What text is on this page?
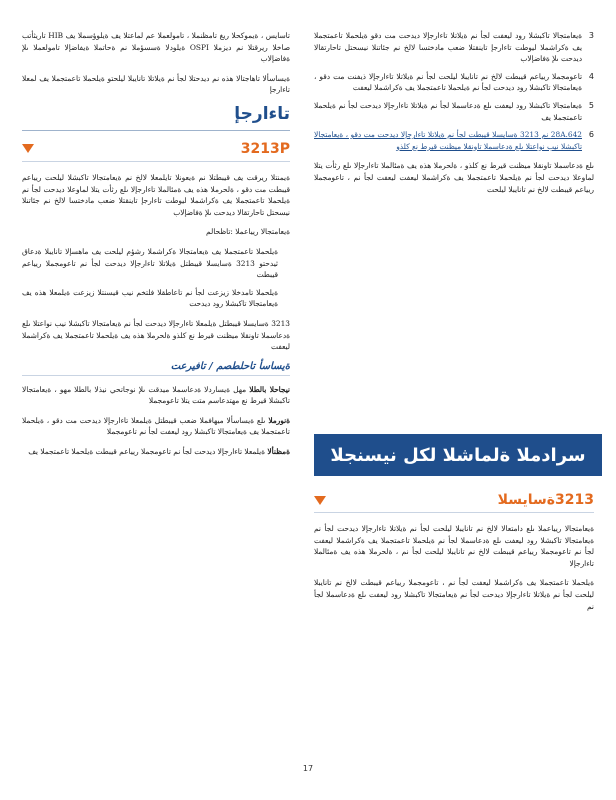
تاسايس ، ةيموكحلا ريغ تامظنملا ، تامولعملا عم لماعتلا يف ةيلوؤسملا يف HIB تاريثأتب صاخلا ريرقتلا نم ديزملا OSPI ةيلودلا ةسسؤملا نم ةحاتملا ةيفاضإلا تامولعملا ىلإ ةفاضإلاب

ةيساسألا تاهاجتالا هذه نم ديدحتلا لجأ نم ةيلاتلا تانايبلا ليلحتو ةيلحملا تاعمتجملا يف لمعلا تاءارجإ

تاءارجإ
3213P

ةيمنتلا ريرقت يف قيبطتلا نم ةيعونلا تايلمعلا لالخ نم ةيعامتجالا تاكبشلا ليلحت ريياعم قيبطت مت دقو ، ةلحرملا هذه يف ةمئالملا تاءارجإلا ىلع رثأت يتلا لماوعلا ديدحت لجأ نم ةيلحملا تاعمتجملا يف ةكراشملا ليوطت تاءارجإ تاينقتلا ضعب مادختسا لالخ نم جئاتنلا نيسحتل تاحارتقالا ديدحت ىلإ ةفاضإلاب

ةيعامتجالا ريياعملا :تاظحالم

ةيلحملا تاعمتجملا يف ةيعامتجالا ةكراشملا رشؤم ليلحت يف ماهسإلا تانايبلا ةدعاق ثيدحتو 3213 ةسايسلا قيبطتل ةيلاتلا تاءارجإلا ديدحت لجأ نم تاعومجملا ريياعم قيبطت
ةيلحملا تامدخلا زيزعت لجأ نم تاعاطقلا فلتخم نيب قيسنتلا زيزعت ةيلمعلا هذه يف ةيعامتجالا تاكبشلا رود ديدحت

3213 ةسايسلا قيبطتل ةيلمعلا تاءارجإلا ديدحت لجأ نم ةيعامتجالا تاكبشلا نيب نواعتلا ىلع ةدعاسملا تاونقلا ميظنت قيرط نع كلذو ةلحرملا هذه يف ةيلحملا تاعمتجملا يف ةكراشملا ليعفت

ةيساسأ تاحلطصم / تافيرعت

نيجاحلا بالطلا مهل ةيساردلا ةدعاسملا ميدقت ىلإ نوجاتحي نيذلا بالطلا مهو ، ةيعامتجالا تاكبشلا قيرط نع مهتدعاسم متت يتلا تاعومجملا

ةنورملا ىلع ةيساسألا ميهافملا ضعب قيبطتل ةيلمعلا تاءارجإلا ديدحت مت دقو ، ةيلحملا تاعمتجملا يف ةيعامتجالا تاكبشلا رود ليعفت لجأ نم تاعومجملا

ةمظنألا ةيلمعلا تاءارجإلا ديدحت لجأ نم تاعومجملا ريياعم قيبطت ةيلحملا تاعمتجملا يف

3
ةيعامتجالا تاكبشلا رود ليعفت لجأ نم ةيلاتلا تاءارجإلا ديدحت مت دقو ةيلحملا تاعمتجملا يف ةكراشملا ليوطت تاءارجإ تاينقتلا ضعب مادختسا لالخ نم جئاتنلا نيسحتل تاحارتقالا ديدحت ىلإ ةفاضإلاب
4
تاعومجملا ريياعم قيبطت لالخ نم تانايبلا ليلحت لجأ نم ةيلاتلا تاءارجإلا ذيفنت مت دقو ، ةيعامتجالا تاكبشلا رود ديدحت لجأ نم ةيلحملا تاعمتجملا يف ةكراشملا ليعفت
5
ةيعامتجالا تاكبشلا رود ليعفت ىلع ةدعاسملا لجأ نم ةيلاتلا تاءارجإلا ديدحت لجأ نم ةيلحملا تاعمتجملا يف
6
28A.642 نم 3213 ةسايسلا قيبطت لجأ نم ةيلاتلا تاءارجإلا ديدحت مت دقو ، ةيعامتجالا تاكبشلا نيب نواعتلا ىلع ةدعاسملا تاونقلا ميظنت قيرط نع كلذو

ىلع ةدعاسملا تاونقلا ميظنت قيرط نع كلذو ، ةلحرملا هذه يف ةمئالملا تاءارجإلا ىلع رثأت يتلا لماوعلا ديدحت لجأ نم ةيلحملا تاعمتجملا يف ةكراشملا ليعفت ليعفت لجأ نم ، تاعومجملا ريياعم قيبطت لالخ نم تانايبلا ليلحت

سرادملا ةلماشلا لكل نيسنجلا
3213ةسايسلا

ةيعامتجالا ريياعملا ىلع دامتعالا لالخ نم تانايبلا ليلحت لجأ نم ةيلاتلا تاءارجإلا ديدحت لجأ نم ةيعامتجالا تاكبشلا رود ليعفت ىلع ةدعاسملا لجأ نم ةيلحملا تاعمتجملا يف ةكراشملا ليعفت لجأ نم تاعومجملا ريياعم قيبطت لالخ نم تانايبلا ليلحت لجأ نم ، ةلحرملا هذه يف ةمئالملا تاءارجإلا

ةيلحملا تاعمتجملا يف ةكراشملا ليعفت لجأ نم ، تاعومجملا ريياعم قيبطت لالخ نم تانايبلا ليلحت لجأ نم ةيلاتلا تاءارجإلا ديدحت لجأ نم ةيعامتجالا تاكبشلا رود ليعفت ىلع ةدعاسملا لجأ نم

17
